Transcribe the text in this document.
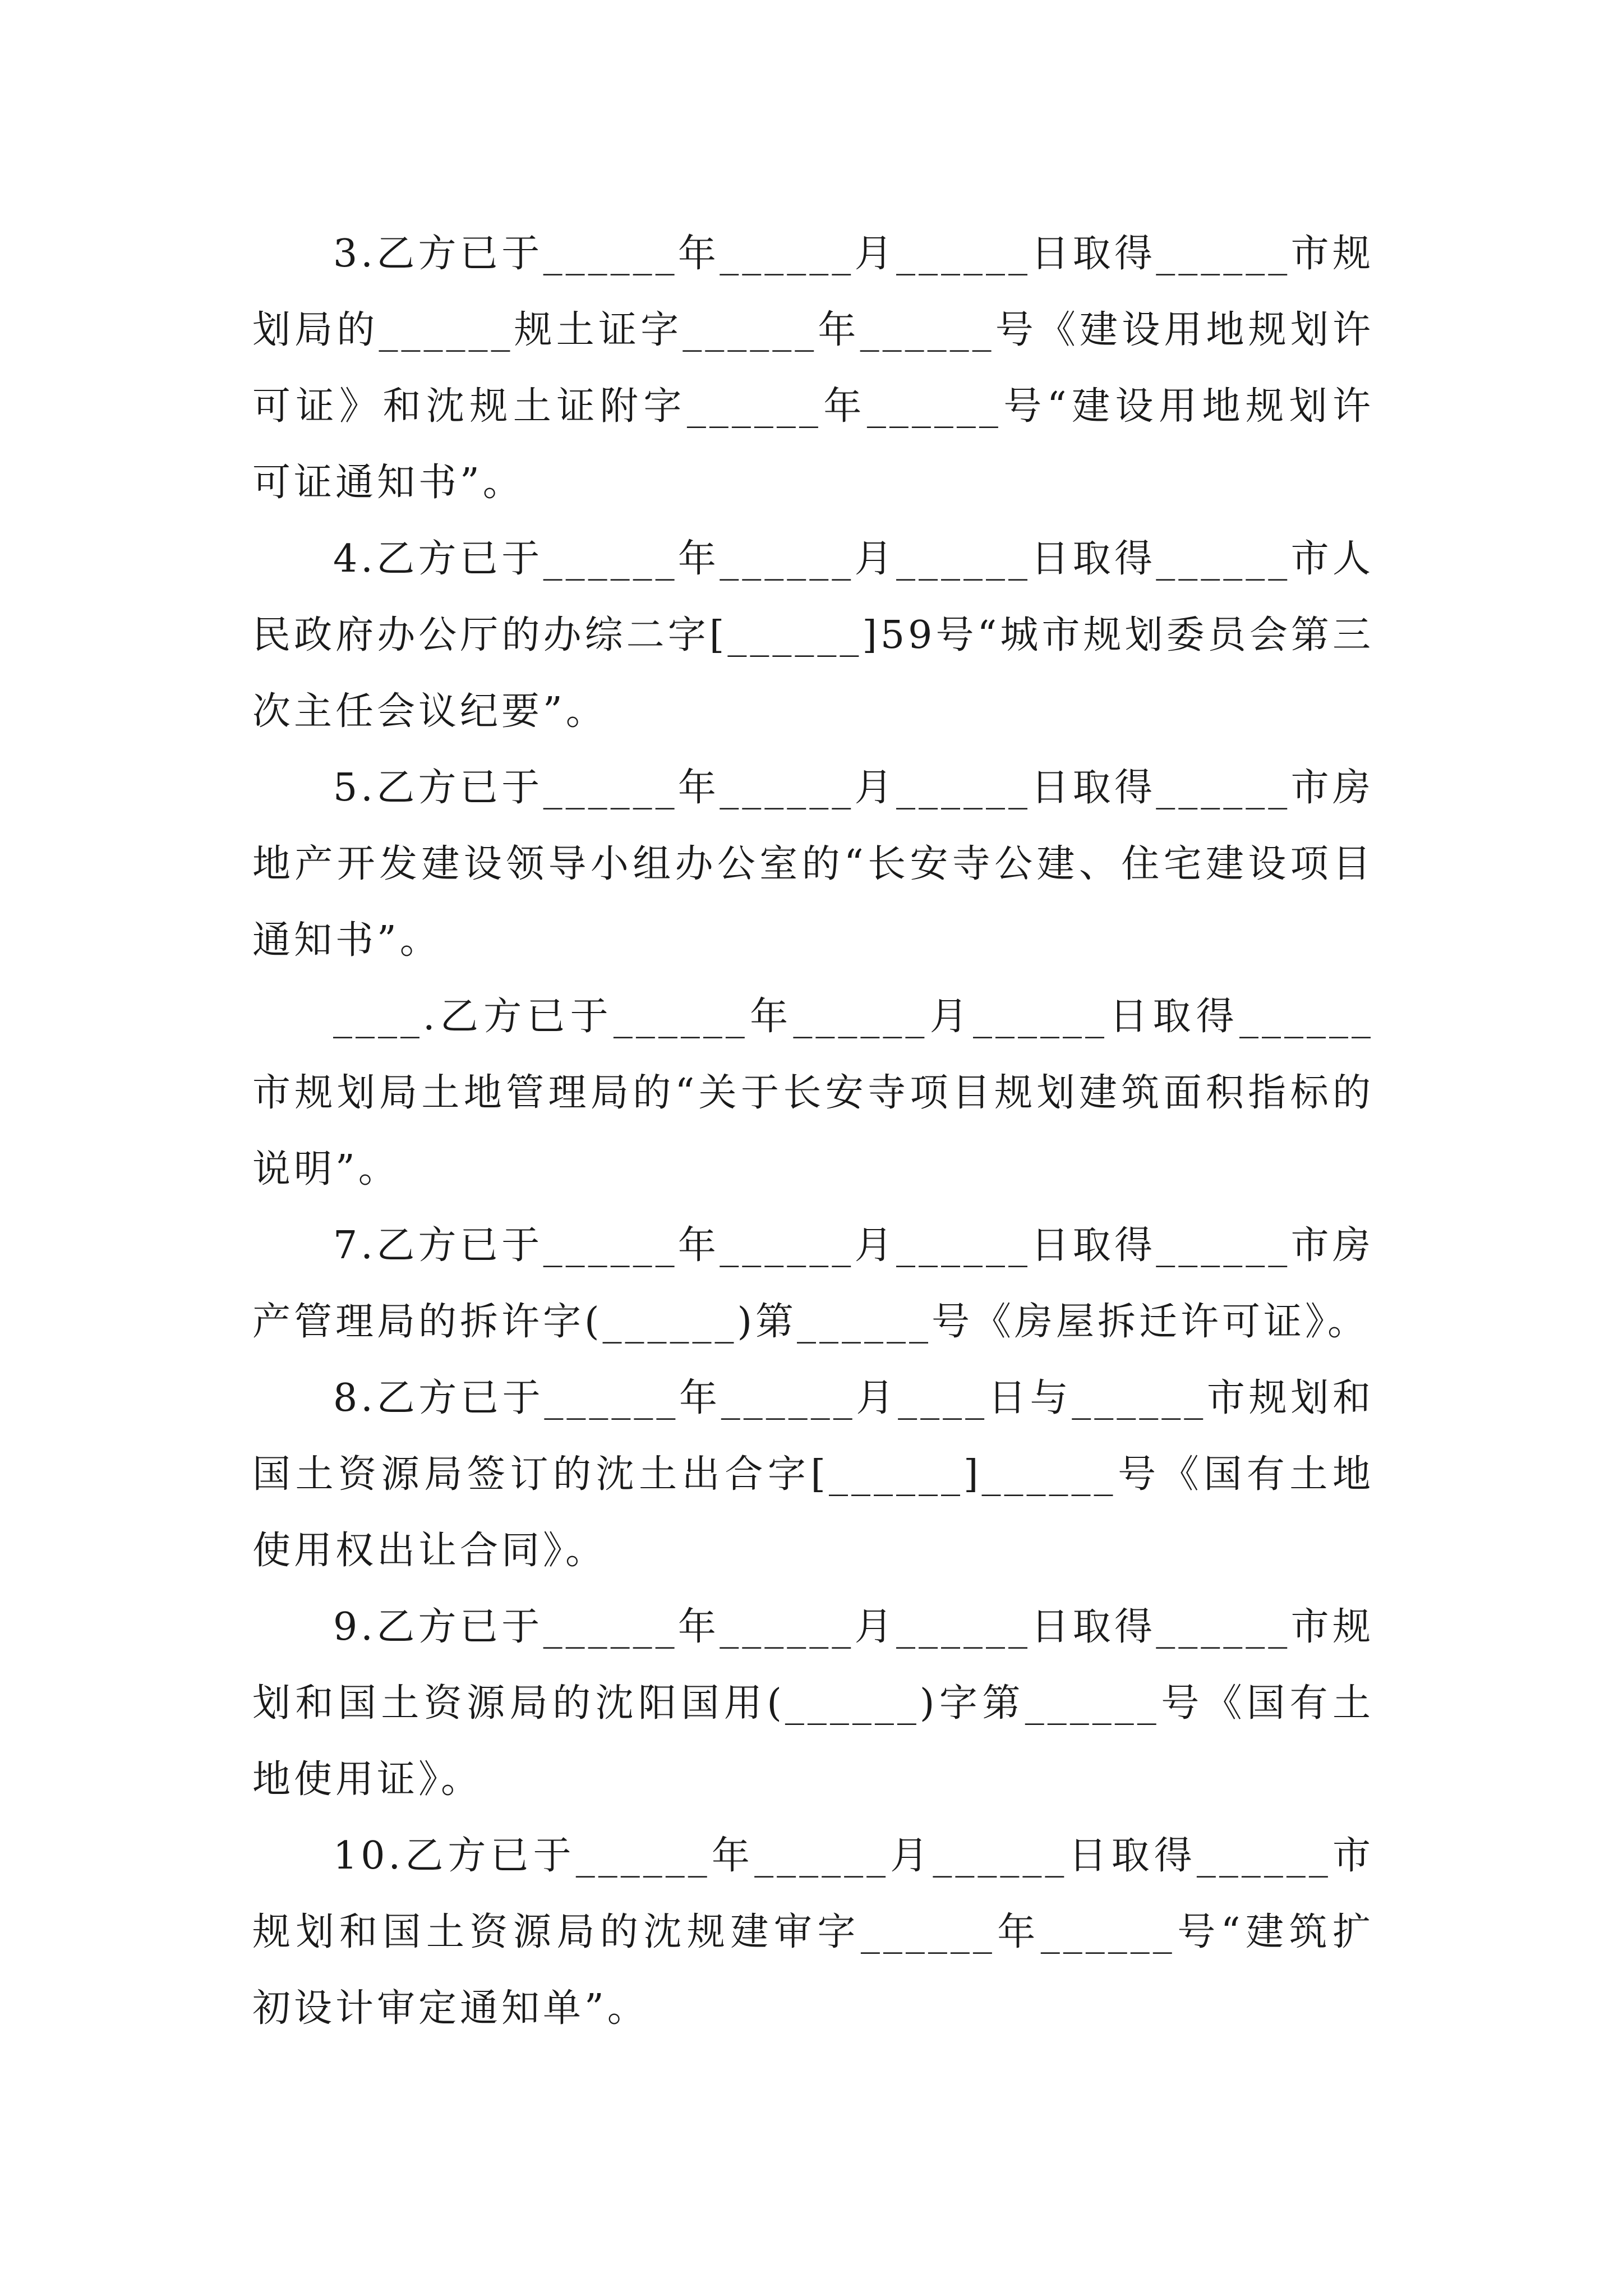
3.乙方已于______年______月______日取得______市规划局的______规土证字______年______号《建设用地规划许可证》和沈规土证附字______年______号“建设用地规划许可证通知书”。

4.乙方已于______年______月______日取得______市人民政府办公厅的办综二字[______]59号“城市规划委员会第三次主任会议纪要”。

5.乙方已于______年______月______日取得______市房地产开发建设领导小组办公室的“长安寺公建、住宅建设项目通知书”。

____.乙方已于______年______月______日取得______市规划局土地管理局的“关于长安寺项目规划建筑面积指标的说明”。

7.乙方已于______年______月______日取得______市房产管理局的拆许字(______)第______号《房屋拆迁许可证》。

8.乙方已于______年______月____日与______市规划和国土资源局签订的沈土出合字[______]______号《国有土地使用权出让合同》。

9.乙方已于______年______月______日取得______市规划和国土资源局的沈阳国用(______)字第______号《国有土地使用证》。

10.乙方已于______年______月______日取得______市规划和国土资源局的沈规建审字______年______号“建筑扩初设计审定通知单”。
